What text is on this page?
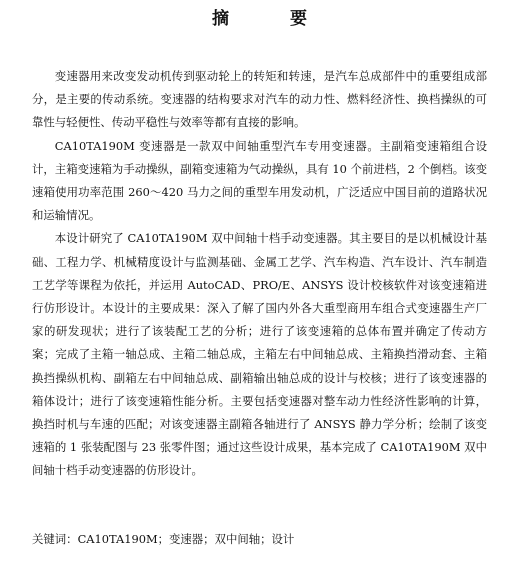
摘　要

变速器用来改变发动机传到驱动轮上的转矩和转速，是汽车总成部件中的重要组成部分，是主要的传动系统。变速器的结构要求对汽车的动力性、燃料经济性、换档操纵的可靠性与轻便性、传动平稳性与效率等都有直接的影响。

CA10TA190M 变速器是一款双中间轴重型汽车专用变速器。主副箱变速箱组合设计，主箱变速箱为手动操纵，副箱变速箱为气动操纵，具有 10 个前进档，2 个倒档。该变速箱使用功率范围 260～420 马力之间的重型车用发动机，广泛适应中国目前的道路状况和运输情况。

本设计研究了 CA10TA190M 双中间轴十档手动变速器。其主要目的是以机械设计基础、工程力学、机械精度设计与监测基础、金属工艺学、汽车构造、汽车设计、汽车制造工艺学等课程为依托，并运用 AutoCAD、PRO/E、ANSYS 设计校核软件对该变速箱进行仿形设计。本设计的主要成果：深入了解了国内外各大重型商用车组合式变速器生产厂家的研发现状；进行了该装配工艺的分析；进行了该变速箱的总体布置并确定了传动方案；完成了主箱一轴总成、主箱二轴总成，主箱左右中间轴总成、主箱换挡滑动套、主箱换挡操纵机构、副箱左右中间轴总成、副箱输出轴总成的设计与校核；进行了该变速器的箱体设计；进行了该变速箱性能分析。主要包括变速器对整车动力性经济性影响的计算，换挡时机与车速的匹配；对该变速器主副箱各轴进行了 ANSYS 静力学分析；绘制了该变速箱的 1 张装配图与 23 张零件图；通过这些设计成果，基本完成了 CA10TA190M 双中间轴十档手动变速器的仿形设计。

关键词：CA10TA190M；变速器；双中间轴；设计
